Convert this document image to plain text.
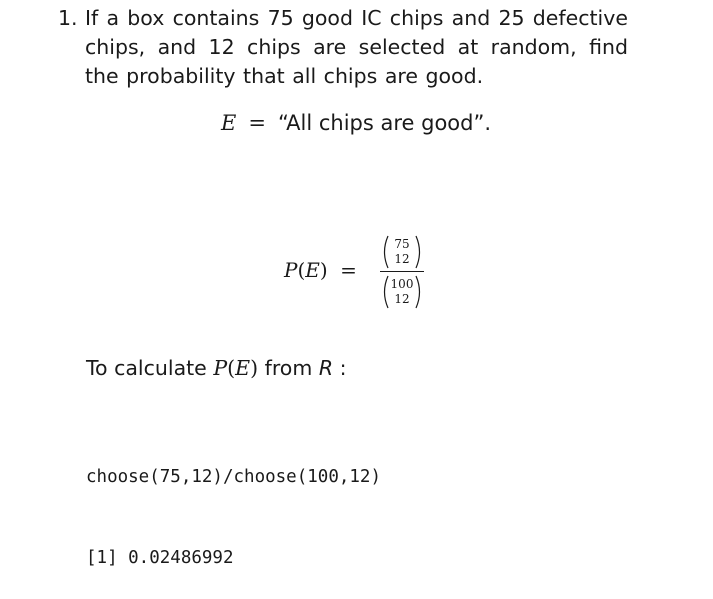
1. If a box contains 75 good IC chips and 25 defective chips, and 12 chips are selected at random, find the probability that all chips are good.
E = “All chips are good”.
P(E) =
75
12
100
12
To calculate P(E) from R :

choose(75,12)/choose(100,12)

[1] 0.02486992
